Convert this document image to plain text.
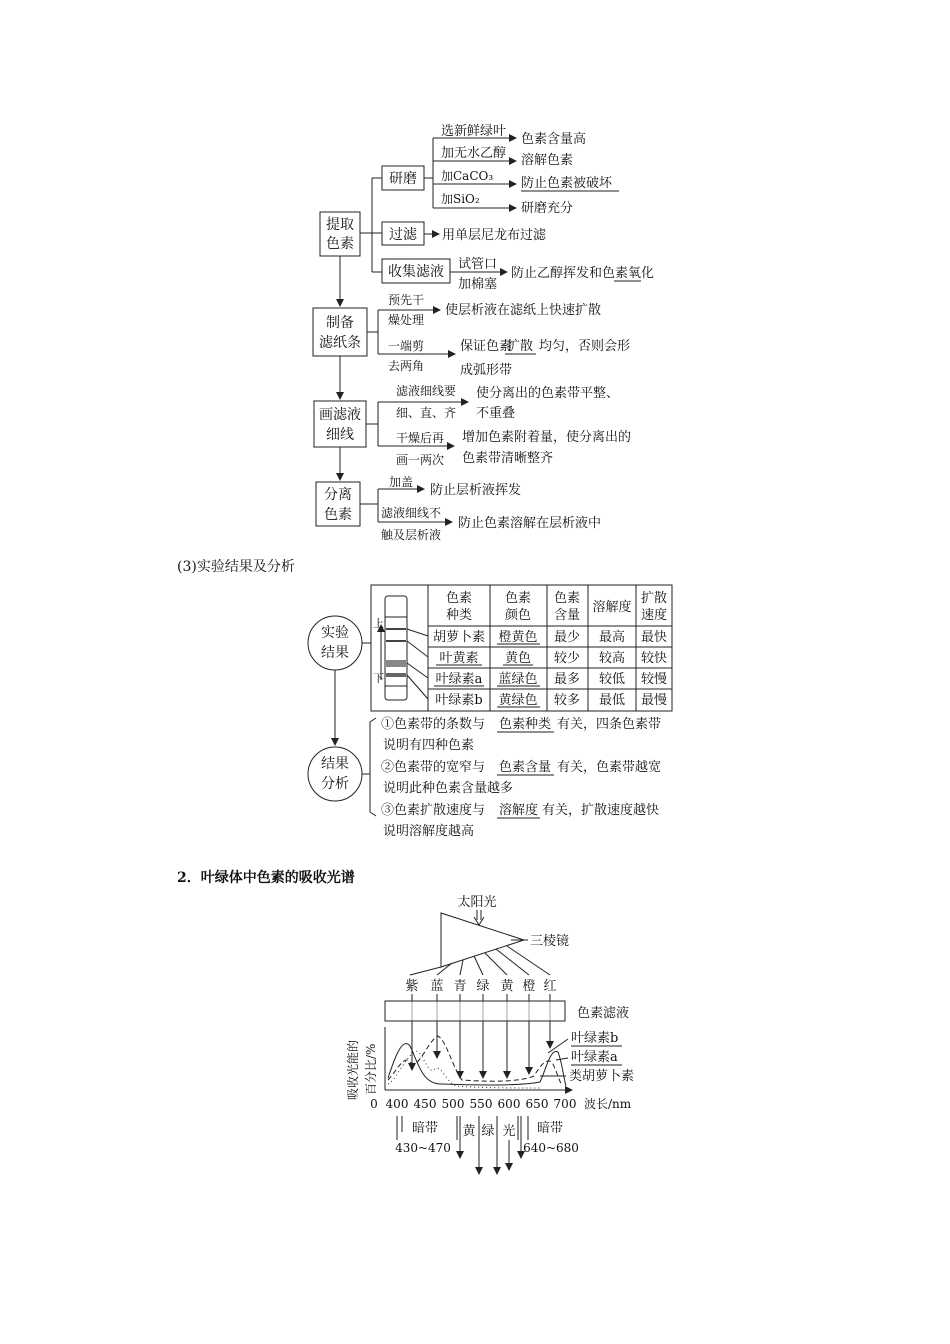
提取
色素
研磨
选新鲜绿叶
色素含量高
加无水乙醇 溶解色素
加CaCO₃ 防止色素被破坏
加SiO₂
研磨充分
过滤 用单层尼龙布过滤
收集滤液 试管口
加棉塞
防止乙醇挥发和色素氧化
制备
滤纸条
预先干
燥处理
使层析液在滤纸上快速扩散
一端剪
去两角
保证色素
扩散 均匀，否则会形
成弧形带
画滤液
细线
滤液细线要
细、直、齐
使分离出的色素带平整、
不重叠
干燥后再
画一两次
增加色素附着量，使分离出的
色素带清晰整齐
分离
色素
加盖
防止层析液挥发
滤液细线不
触及层析液
防止色素溶解在层析液中
(3)实验结果及分析
实验
结果
上
下
色素
种类
色素
颜色
色素
含量
溶解度
扩散
速度
胡萝卜素 橙黄色 最少 最高 最快
叶黄素 黄色 较少 较高 较快
叶绿素a 蓝绿色 最多 较低 较慢
叶绿素b 黄绿色 较多 最低 最慢
结果
分析
①色素带的条数与 色素种类 有关，四条色素带
说明有四种色素
②色素带的宽窄与 色素含量 有关，色素带越宽
说明此种色素含量越多
③色素扩散速度与 溶解度 有关，扩散速度越快
说明溶解度越高
2．叶绿体中色素的吸收光谱
太阳光
三棱镜
紫 蓝 青 绿 黄 橙 红
色素滤液
吸收光能的 百分比/%
叶绿素b
叶绿素a
类胡萝卜素
0 400 450 500 550 600 650 700 波长/nm
暗带
430~470
黄 绿 光 暗带
640~680
